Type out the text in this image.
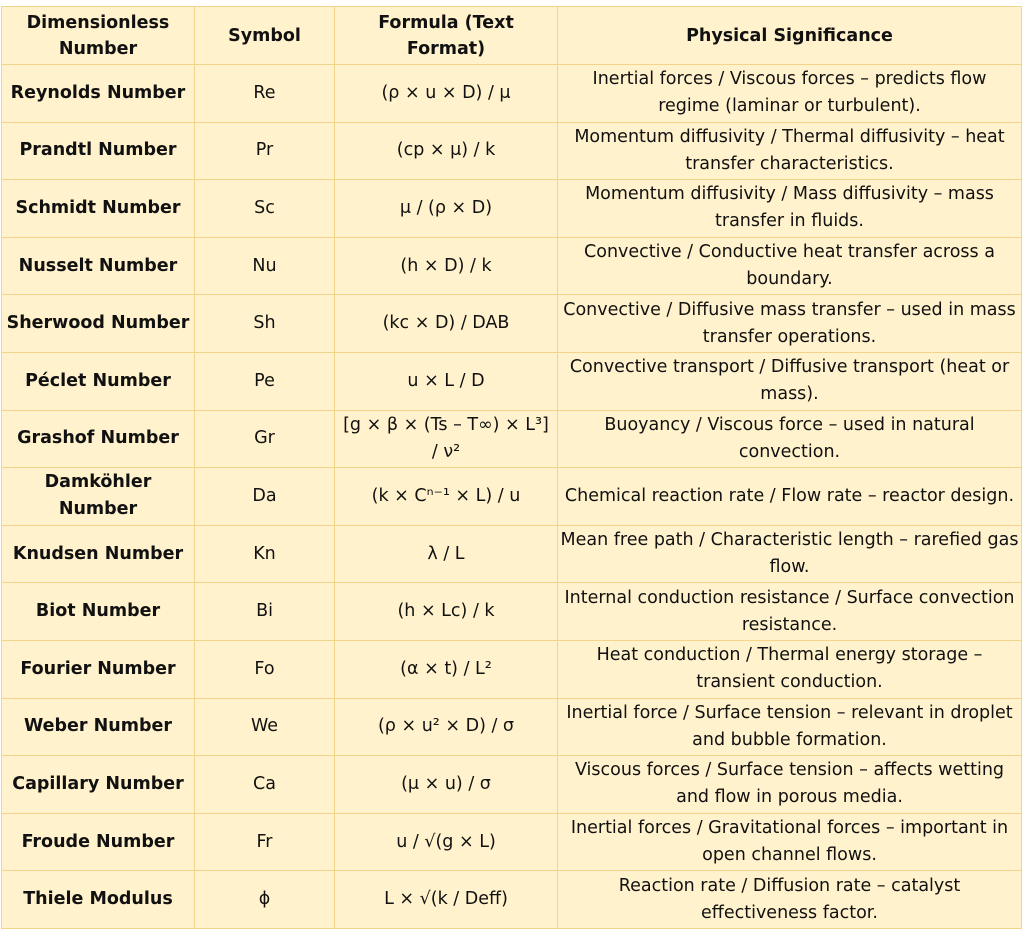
Dimensionless Number	Symbol	Formula (Text Format)	Physical Significance
Reynolds Number	Re	(ρ × u × D) / μ	Inertial forces / Viscous forces – predicts flow regime (laminar or turbulent).
Prandtl Number	Pr	(cp × μ) / k	Momentum diffusivity / Thermal diffusivity – heat transfer characteristics.
Schmidt Number	Sc	μ / (ρ × D)	Momentum diffusivity / Mass diffusivity – mass transfer in fluids.
Nusselt Number	Nu	(h × D) / k	Convective / Conductive heat transfer across a boundary.
Sherwood Number	Sh	(kc × D) / DAB	Convective / Diffusive mass transfer – used in mass transfer operations.
Péclet Number	Pe	u × L / D	Convective transport / Diffusive transport (heat or mass).
Grashof Number	Gr	[g × β × (Ts – T∞) × L³] / ν²	Buoyancy / Viscous force – used in natural convection.
Damköhler Number	Da	(k × Cⁿ⁻¹ × L) / u	Chemical reaction rate / Flow rate – reactor design.
Knudsen Number	Kn	λ / L	Mean free path / Characteristic length – rarefied gas flow.
Biot Number	Bi	(h × Lc) / k	Internal conduction resistance / Surface convection resistance.
Fourier Number	Fo	(α × t) / L²	Heat conduction / Thermal energy storage – transient conduction.
Weber Number	We	(ρ × u² × D) / σ	Inertial force / Surface tension – relevant in droplet and bubble formation.
Capillary Number	Ca	(μ × u) / σ	Viscous forces / Surface tension – affects wetting and flow in porous media.
Froude Number	Fr	u / √(g × L)	Inertial forces / Gravitational forces – important in open channel flows.
Thiele Modulus	ϕ	L × √(k / Deff)	Reaction rate / Diffusion rate – catalyst effectiveness factor.
